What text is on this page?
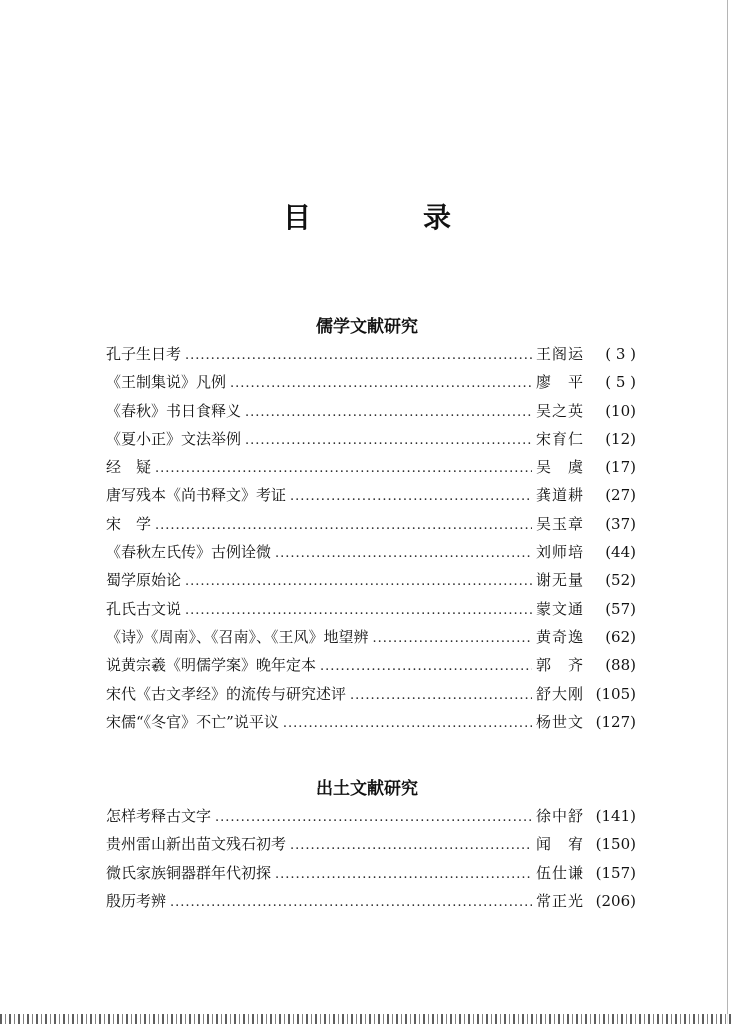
目　录
儒学文献研究
孔子生日考 .....	王阁运	( 3 )
《王制集说》凡例 .....	廖　平	( 5 )
《春秋》书日食释义 .....	吴之英	(10)
《夏小正》文法举例 .....	宋育仁	(12)
经　疑 .....	吴　虞	(17)
唐写残本《尚书释文》考证 .....	龚道耕	(27)
宋　学 .....	吴玉章	(37)
《春秋左氏传》古例诠微 .....	刘师培	(44)
蜀学原始论 .....	谢无量	(52)
孔氏古文说 .....	蒙文通	(57)
《诗》《周南》、《召南》、《王风》地望辨 .....	黄奇逸	(62)
说黄宗羲《明儒学案》晚年定本 .....	郭　齐	(88)
宋代《古文孝经》的流传与研究述评 .....	舒大刚 (105)
宋儒“《冬官》不亡”说平议 .....	杨世文 (127)
出土文献研究
怎样考释古文字 .....	徐中舒 (141)
贵州雷山新出苗文残石初考 .....	闻　宥 (150)
微氏家族铜器群年代初探 .....	伍仕谦 (157)
殷历考辨 .....	常正光 (206)
